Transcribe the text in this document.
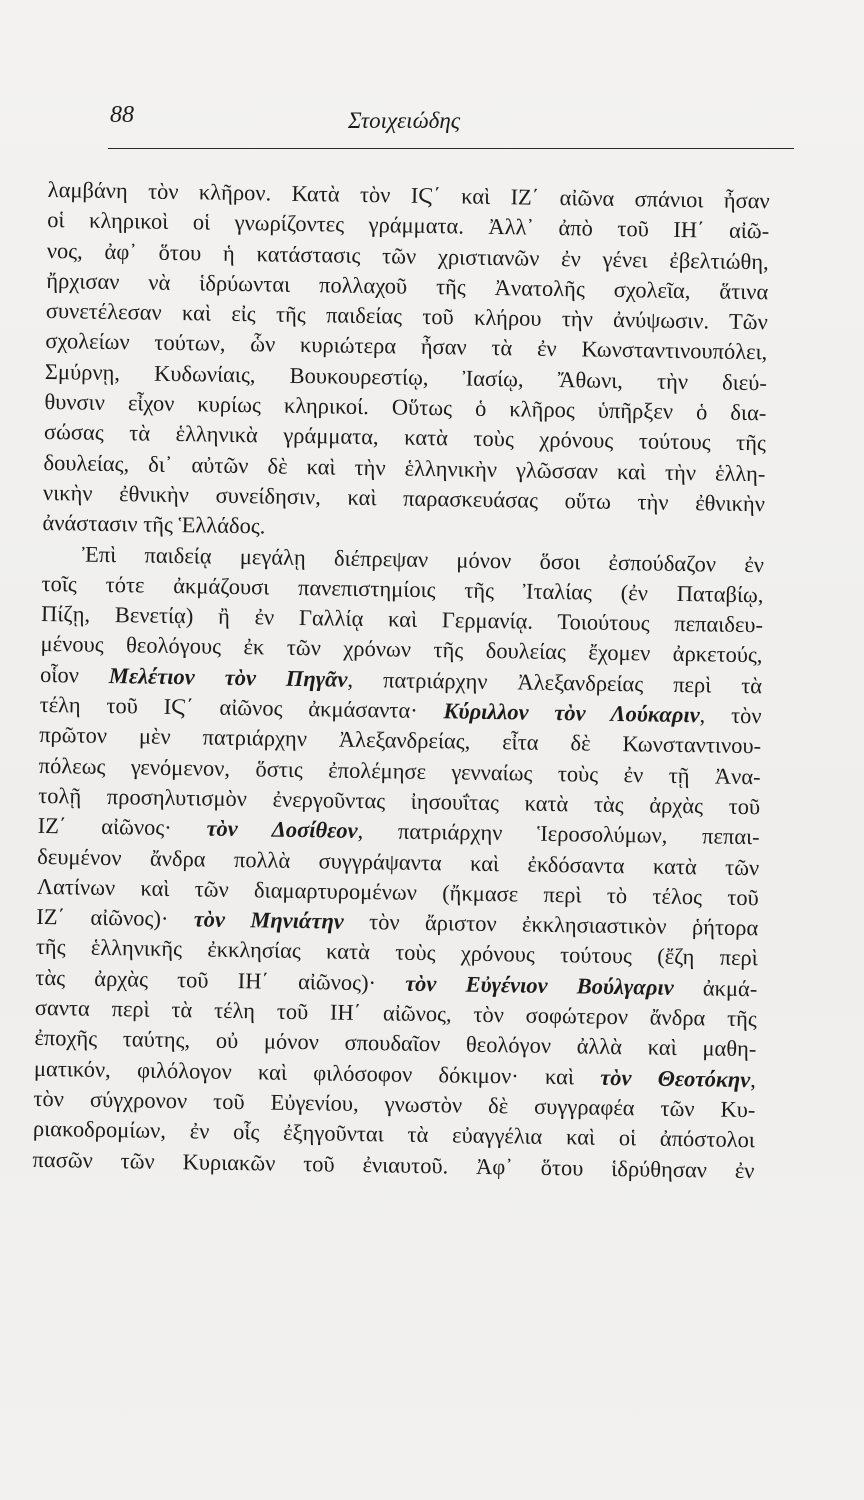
88	Στοιχειώδης
λαμβάνη τὸν κλῆρον. Κατὰ τὸν ΙϚ΄ καὶ ΙΖ΄ αἰῶνα σπάνιοι ἦσαν
οἱ κληρικοὶ οἱ γνωρίζοντες γράμματα. Ἀλλ᾽ ἀπὸ τοῦ ΙΗ΄ αἰῶ-
νος, ἀφ᾽ ὅτου ἡ κατάστασις τῶν χριστιανῶν ἐν γένει ἐβελτιώθη,
ἤρχισαν νὰ ἱδρύωνται πολλαχοῦ τῆς Ἀνατολῆς σχολεῖα, ἅτινα
συνετέλεσαν καὶ εἰς τῆς παιδείας τοῦ κλήρου τὴν ἀνύψωσιν. Τῶν
σχολείων τούτων, ὧν κυριώτερα ἦσαν τὰ ἐν Κωνσταντινουπόλει,
Σμύρνῃ, Κυδωνίαις, Βουκουρεστίῳ, Ἰασίῳ, Ἄθωνι, τὴν διεύ-
θυνσιν εἶχον κυρίως κληρικοί. Οὕτως ὁ κλῆρος ὑπῆρξεν ὁ δια-
σώσας τὰ ἑλληνικὰ γράμματα, κατὰ τοὺς χρόνους τούτους τῆς
δουλείας, δι᾽ αὐτῶν δὲ καὶ τὴν ἑλληνικὴν γλῶσσαν καὶ τὴν ἑλλη-
νικὴν ἐθνικὴν συνείδησιν, καὶ παρασκευάσας οὕτω τὴν ἐθνικὴν
ἀνάστασιν τῆς Ἑλλάδος.
Ἐπὶ παιδείᾳ μεγάλῃ διέπρεψαν μόνον ὅσοι ἐσπούδαζον ἐν
τοῖς τότε ἀκμάζουσι πανεπιστημίοις τῆς Ἰταλίας (ἐν Παταβίῳ,
Πίζῃ, Βενετίᾳ) ἢ ἐν Γαλλίᾳ καὶ Γερμανίᾳ. Τοιούτους πεπαιδευ-
μένους θεολόγους ἐκ τῶν χρόνων τῆς δουλείας ἔχομεν ἀρκετούς,
οἷον Μελέτιον τὸν Πηγᾶν, πατριάρχην Ἀλεξανδρείας περὶ τὰ
τέλη τοῦ ΙϚ΄ αἰῶνος ἀκμάσαντα· Κύριλλον τὸν Λούκαριν, τὸν
πρῶτον μὲν πατριάρχην Ἀλεξανδρείας, εἶτα δὲ Κωνσταντινου-
πόλεως γενόμενον, ὅστις ἐπολέμησε γενναίως τοὺς ἐν τῇ Ἀνα-
τολῇ προσηλυτισμὸν ἐνεργοῦντας ἰησουΐτας κατὰ τὰς ἀρχὰς τοῦ
ΙΖ΄ αἰῶνος· τὸν Δοσίθεον, πατριάρχην Ἱεροσολύμων, πεπαι-
δευμένον ἄνδρα πολλὰ συγγράψαντα καὶ ἐκδόσαντα κατὰ τῶν
Λατίνων καὶ τῶν διαμαρτυρομένων (ἤκμασε περὶ τὸ τέλος τοῦ
ΙΖ΄ αἰῶνος)· τὸν Μηνιάτην τὸν ἄριστον ἐκκλησιαστικὸν ῥήτορα
τῆς ἑλληνικῆς ἐκκλησίας κατὰ τοὺς χρόνους τούτους (ἔζη περὶ
τὰς ἀρχὰς τοῦ ΙΗ΄ αἰῶνος)· τὸν Εὐγένιον Βούλγαριν ἀκμά-
σαντα περὶ τὰ τέλη τοῦ ΙΗ΄ αἰῶνος, τὸν σοφώτερον ἄνδρα τῆς
ἐποχῆς ταύτης, οὐ μόνον σπουδαῖον θεολόγον ἀλλὰ καὶ μαθη-
ματικόν, φιλόλογον καὶ φιλόσοφον δόκιμον· καὶ τὸν Θεοτόκην,
τὸν σύγχρονον τοῦ Εὐγενίου, γνωστὸν δὲ συγγραφέα τῶν Κυ-
ριακοδρομίων, ἐν οἷς ἐξηγοῦνται τὰ εὐαγγέλια καὶ οἱ ἀπόστολοι
πασῶν τῶν Κυριακῶν τοῦ ἐνιαυτοῦ. Ἀφ᾽ ὅτου ἱδρύθησαν ἐν
